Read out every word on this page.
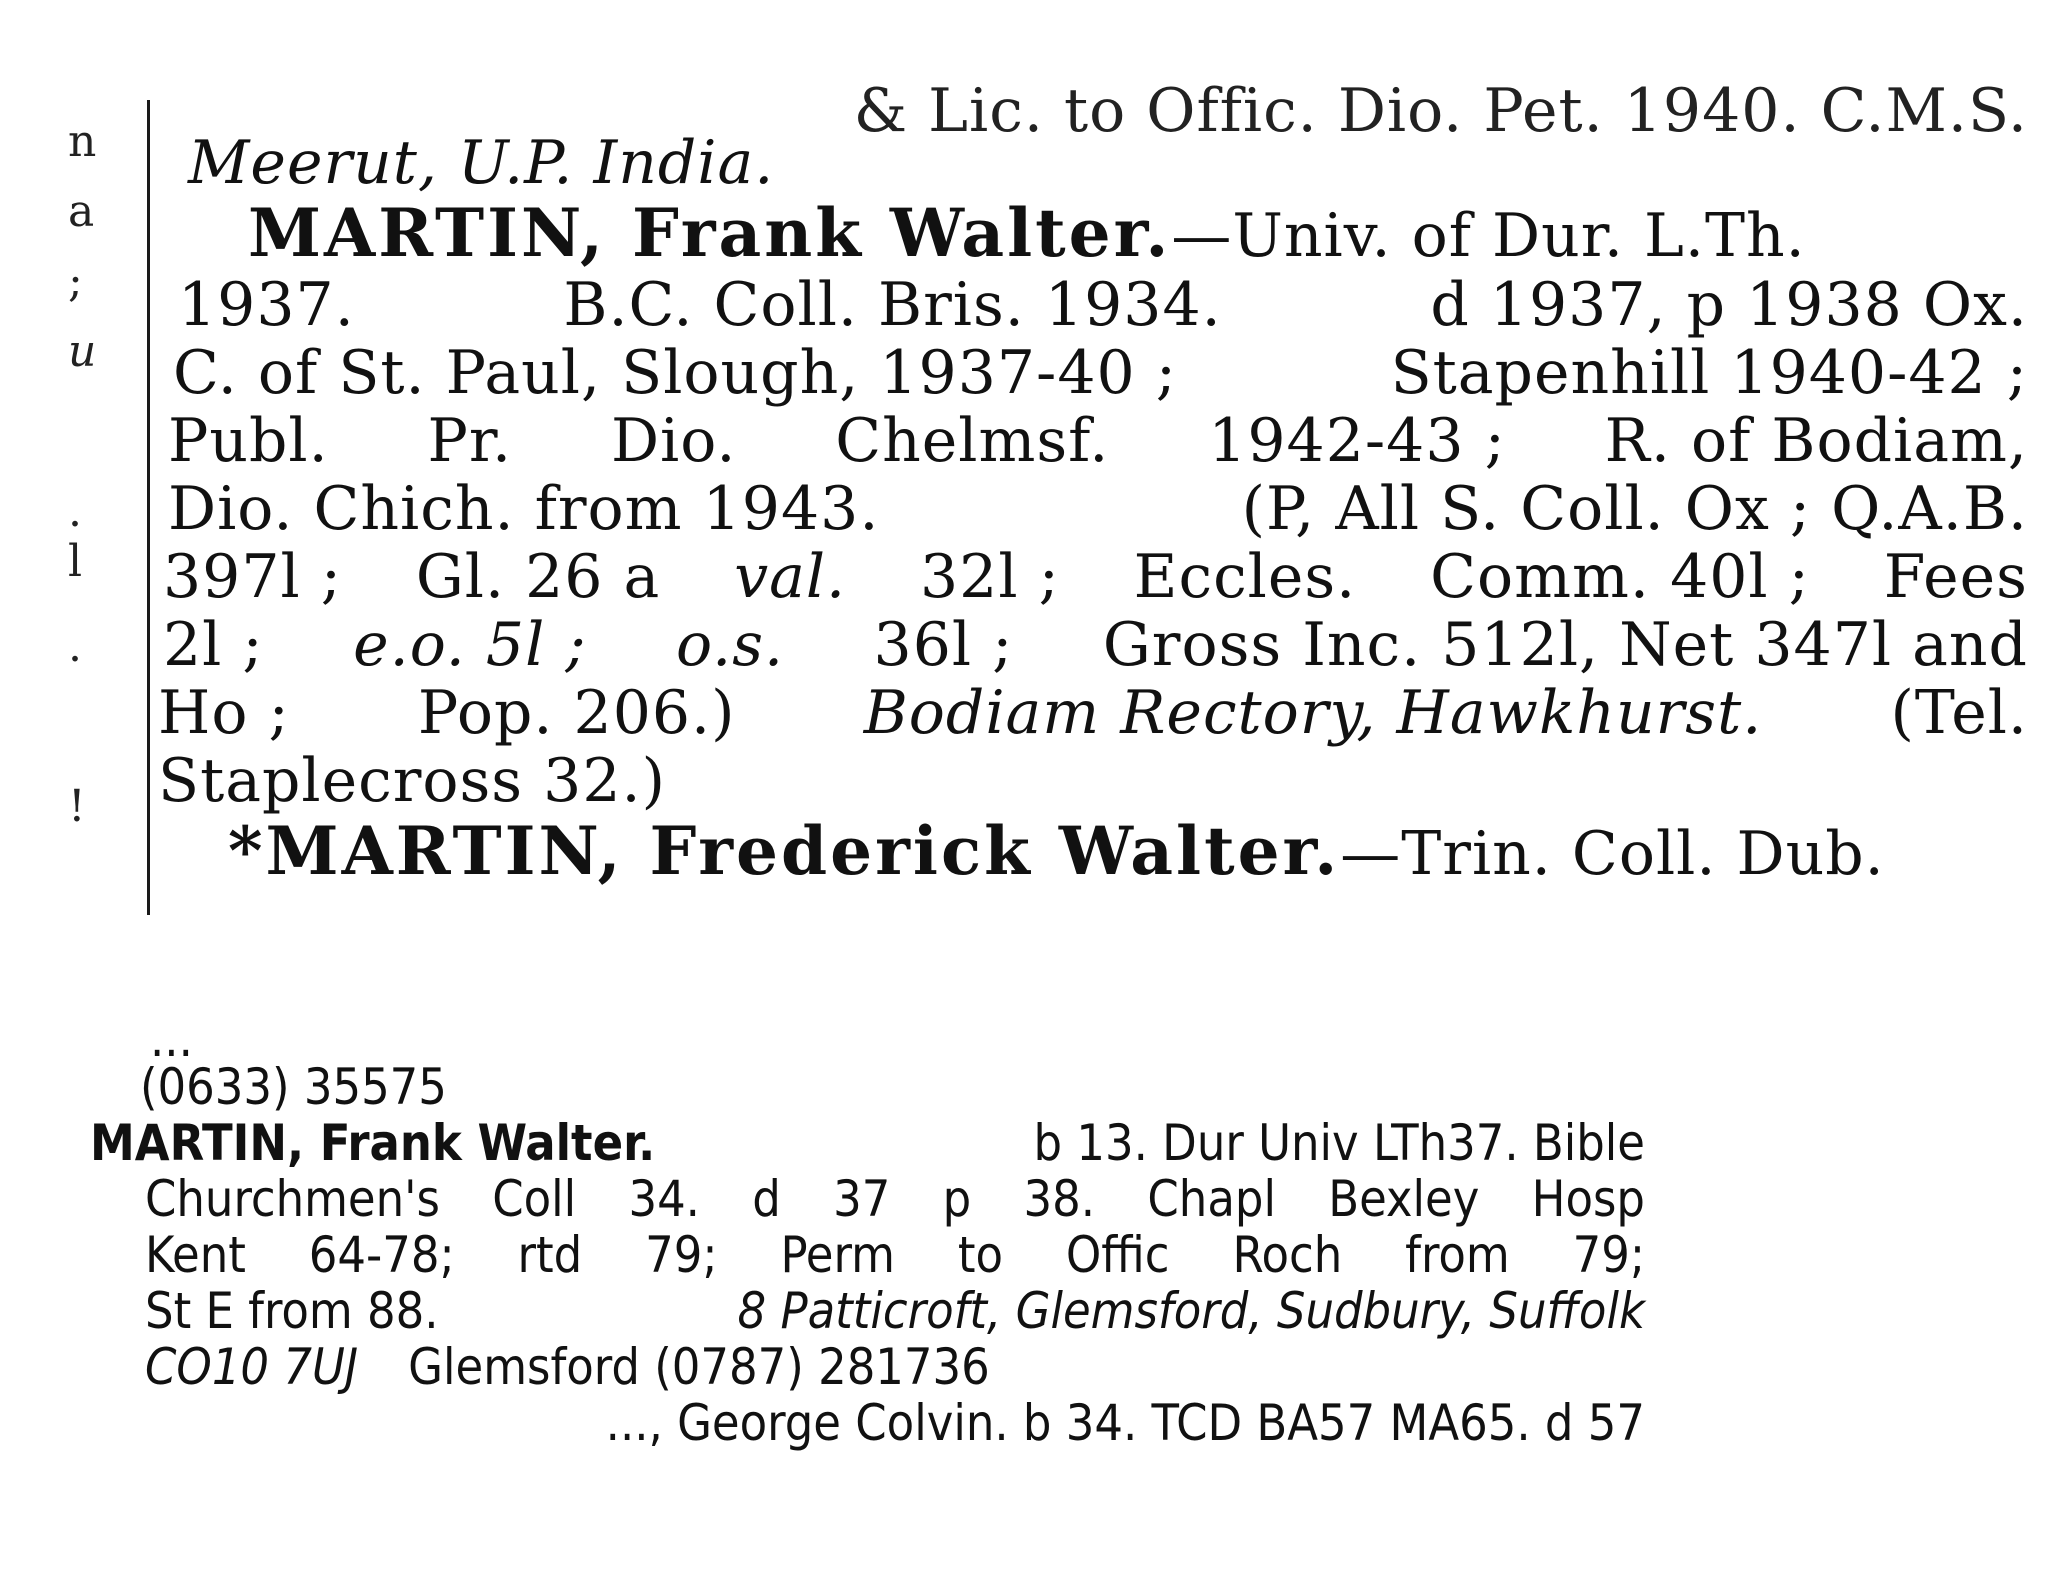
n
a
;
u
.
l
.
!
& Lic. to Offic. Dio. Pet. 1940. C.M.S.
Meerut, U.P. India.
MARTIN, Frank Walter.—Univ. of Dur. L.Th.
1937.	B.C. Coll. Bris. 1934.	d 1937, p 1938 Ox.
C. of St. Paul, Slough, 1937-40 ;	Stapenhill 1940-42 ;
Publ. Pr. Dio. Chelmsf. 1942-43 ; R. of Bodiam,
Dio. Chich. from 1943.	(P, All S. Coll. Ox ; Q.A.B.
397l ; Gl. 26 a val. 32l ; Eccles. Comm. 40l ; Fees
2l ; e.o. 5l ; o.s. 36l ; Gross Inc. 512l, Net 347l and
Ho ; Pop. 206.) Bodiam Rectory, Hawkhurst. (Tel.
Staplecross 32.)
*MARTIN, Frederick Walter.—Trin. Coll. Dub.
...
(0633) 35575
MARTIN, Frank Walter.	b 13. Dur Univ LTh37. Bible
Churchmen's Coll 34. d 37 p 38. Chapl Bexley Hosp
Kent 64-78; rtd 79; Perm to Offic Roch from 79;
St E from 88.	8 Patticroft, Glemsford, Sudbury, Suffolk
CO10 7UJ Glemsford (0787) 281736
..., George Colvin. b 34. TCD BA57 MA65. d 57
